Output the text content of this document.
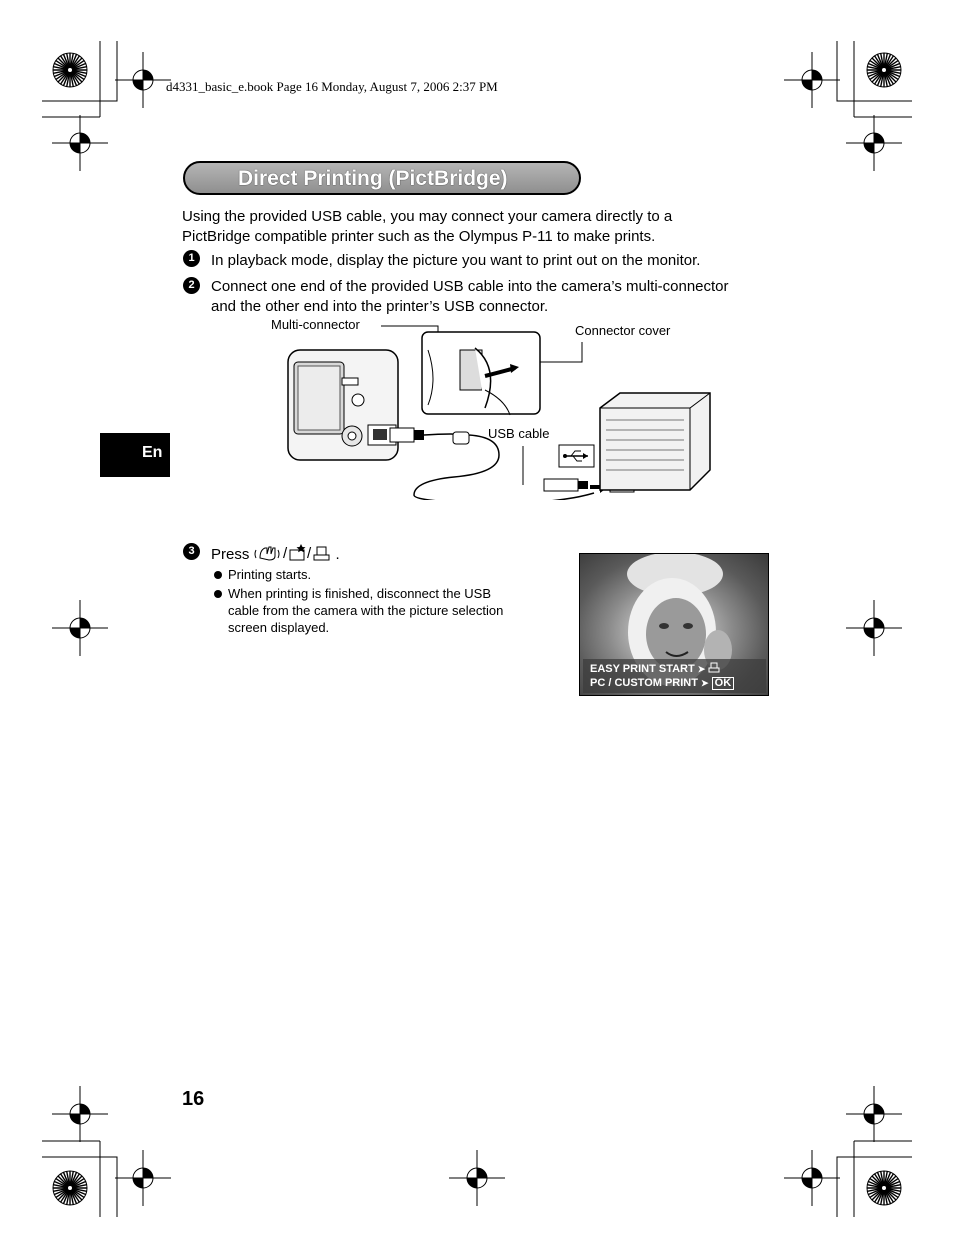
d4331_basic_e.book Page 16 Monday, August 7, 2006 2:37 PM
Direct Printing (PictBridge)
Using the provided USB cable, you may connect your camera directly to a
PictBridge compatible printer such as the Olympus P-11 to make prints.
1	In playback mode, display the picture you want to print out on the monitor.
2	Connect one end of the provided USB cable into the camera’s multi-connector
and the other end into the printer’s USB connector.
Multi-connector	Connector cover
USB cable
3	Press / / .
Printing starts.
When printing is finished, disconnect the USB
cable from the camera with the picture selection
screen displayed.
EASY PRINT START ➤
PC / CUSTOM PRINT ➤ OK
En
16
